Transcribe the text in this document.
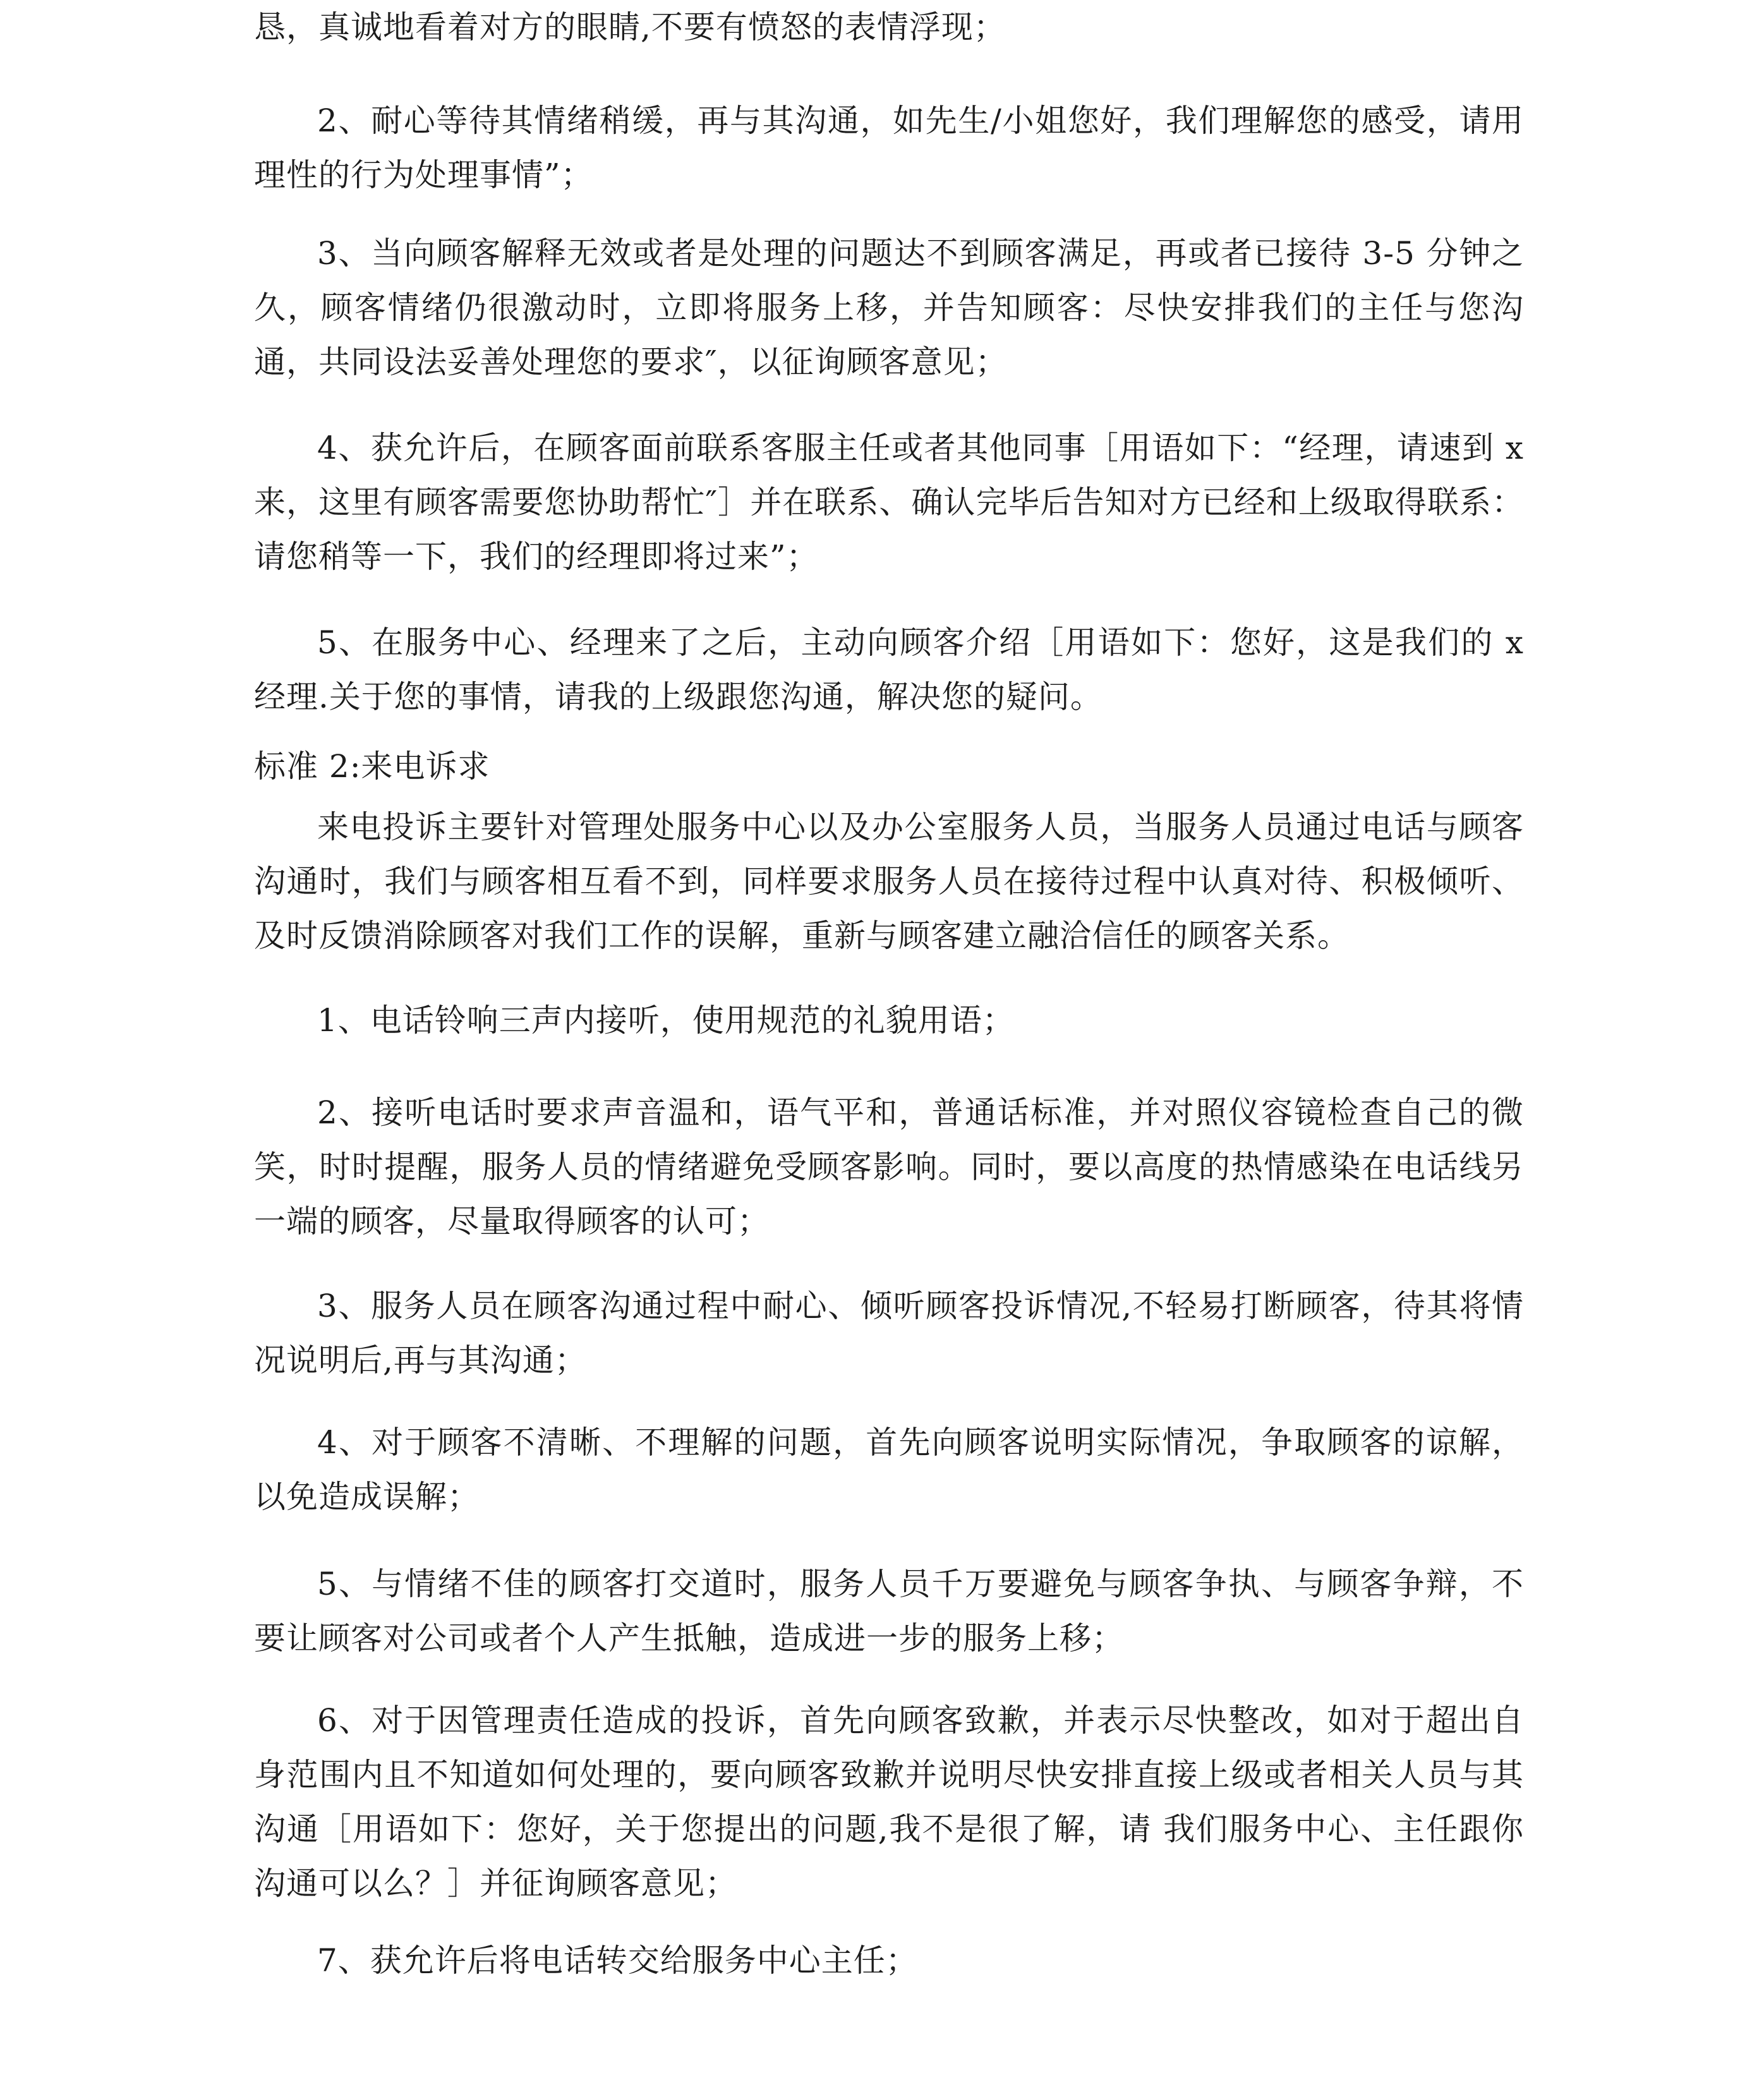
恳，真诚地看着对方的眼睛,不要有愤怒的表情浮现；

2、耐心等待其情绪稍缓，再与其沟通，如先生/小姐您好，我们理解您的感受，请用理性的行为处理事情”；

3、当向顾客解释无效或者是处理的问题达不到顾客满足，再或者已接待 3-5 分钟之久，顾客情绪仍很激动时，立即将服务上移，并告知顾客：尽快安排我们的主任与您沟通，共同设法妥善处理您的要求″，以征询顾客意见；

4、获允许后，在顾客面前联系客服主任或者其他同事［用语如下：“经理，请速到 x 来，这里有顾客需要您协助帮忙″］并在联系、确认完毕后告知对方已经和上级取得联系： 请您稍等一下，我们的经理即将过来”；

5、在服务中心、经理来了之后，主动向顾客介绍［用语如下：您好，这是我们的 x 经理.关于您的事情，请我的上级跟您沟通，解决您的疑问。

标准 2:来电诉求

来电投诉主要针对管理处服务中心以及办公室服务人员，当服务人员通过电话与顾客沟通时，我们与顾客相互看不到，同样要求服务人员在接待过程中认真对待、积极倾听、及时反馈消除顾客对我们工作的误解，重新与顾客建立融洽信任的顾客关系。

1、电话铃响三声内接听，使用规范的礼貌用语；

2、接听电话时要求声音温和，语气平和，普通话标准，并对照仪容镜检查自己的微笑，时时提醒，服务人员的情绪避免受顾客影响。同时，要以高度的热情感染在电话线另一端的顾客，尽量取得顾客的认可；

3、服务人员在顾客沟通过程中耐心、倾听顾客投诉情况,不轻易打断顾客，待其将情况说明后,再与其沟通；

4、对于顾客不清晰、不理解的问题，首先向顾客说明实际情况，争取顾客的谅解，以免造成误解；

5、与情绪不佳的顾客打交道时，服务人员千万要避免与顾客争执、与顾客争辩，不要让顾客对公司或者个人产生抵触，造成进一步的服务上移；

6、对于因管理责任造成的投诉，首先向顾客致歉，并表示尽快整改，如对于超出自身范围内且不知道如何处理的，要向顾客致歉并说明尽快安排直接上级或者相关人员与其沟通［用语如下：您好，关于您提出的问题,我不是很了解，请 我们服务中心、主任跟你沟通可以么？］并征询顾客意见；

7、获允许后将电话转交给服务中心主任；
